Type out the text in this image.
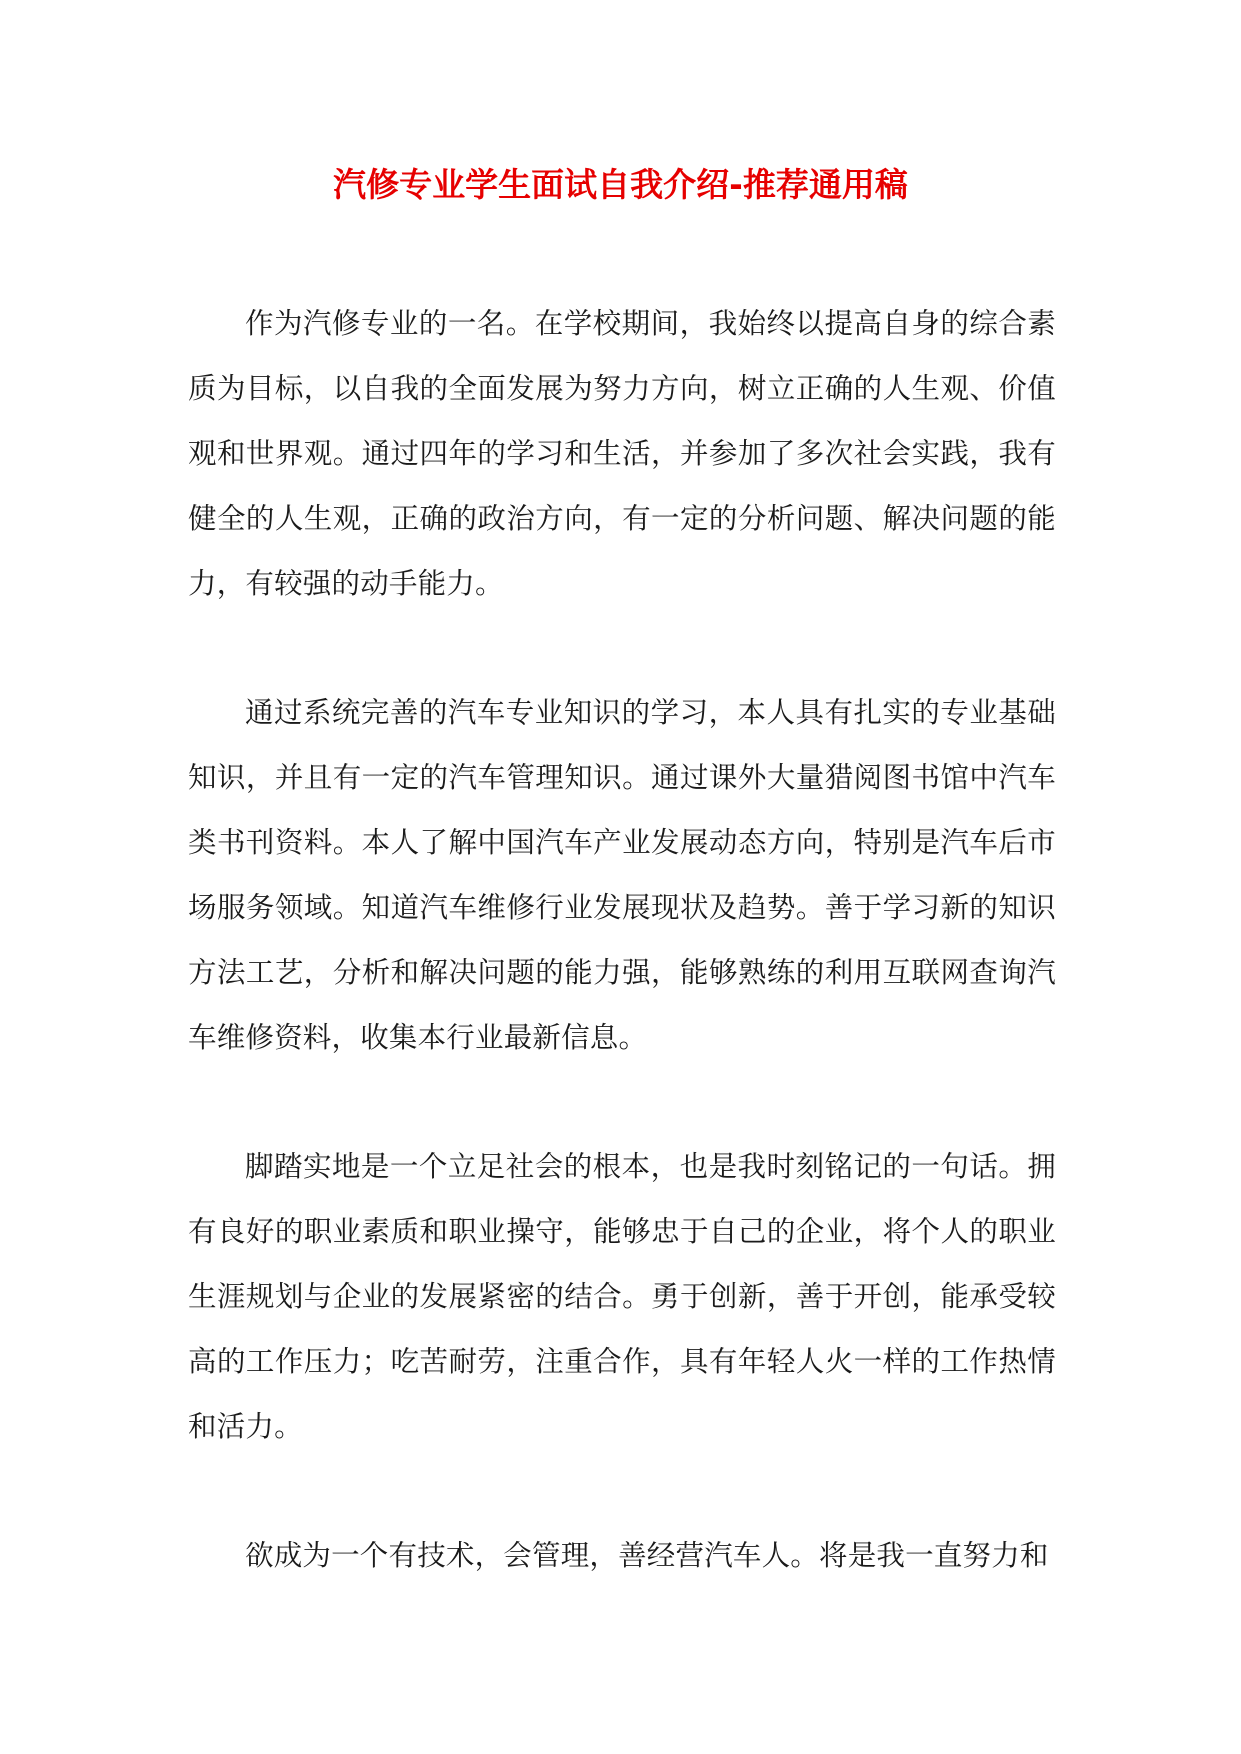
汽修专业学生面试自我介绍-推荐通用稿

作为汽修专业的一名。在学校期间，我始终以提高自身的综合素质为目标，以自我的全面发展为努力方向，树立正确的人生观、价值观和世界观。通过四年的学习和生活，并参加了多次社会实践，我有健全的人生观，正确的政治方向，有一定的分析问题、解决问题的能力，有较强的动手能力。

通过系统完善的汽车专业知识的学习，本人具有扎实的专业基础知识，并且有一定的汽车管理知识。通过课外大量猎阅图书馆中汽车类书刊资料。本人了解中国汽车产业发展动态方向，特别是汽车后市场服务领域。知道汽车维修行业发展现状及趋势。善于学习新的知识方法工艺，分析和解决问题的能力强，能够熟练的利用互联网查询汽车维修资料，收集本行业最新信息。

脚踏实地是一个立足社会的根本，也是我时刻铭记的一句话。拥有良好的职业素质和职业操守，能够忠于自己的企业，将个人的职业生涯规划与企业的发展紧密的结合。勇于创新，善于开创，能承受较高的工作压力；吃苦耐劳，注重合作，具有年轻人火一样的工作热情和活力。

欲成为一个有技术，会管理，善经营汽车人。将是我一直努力和
